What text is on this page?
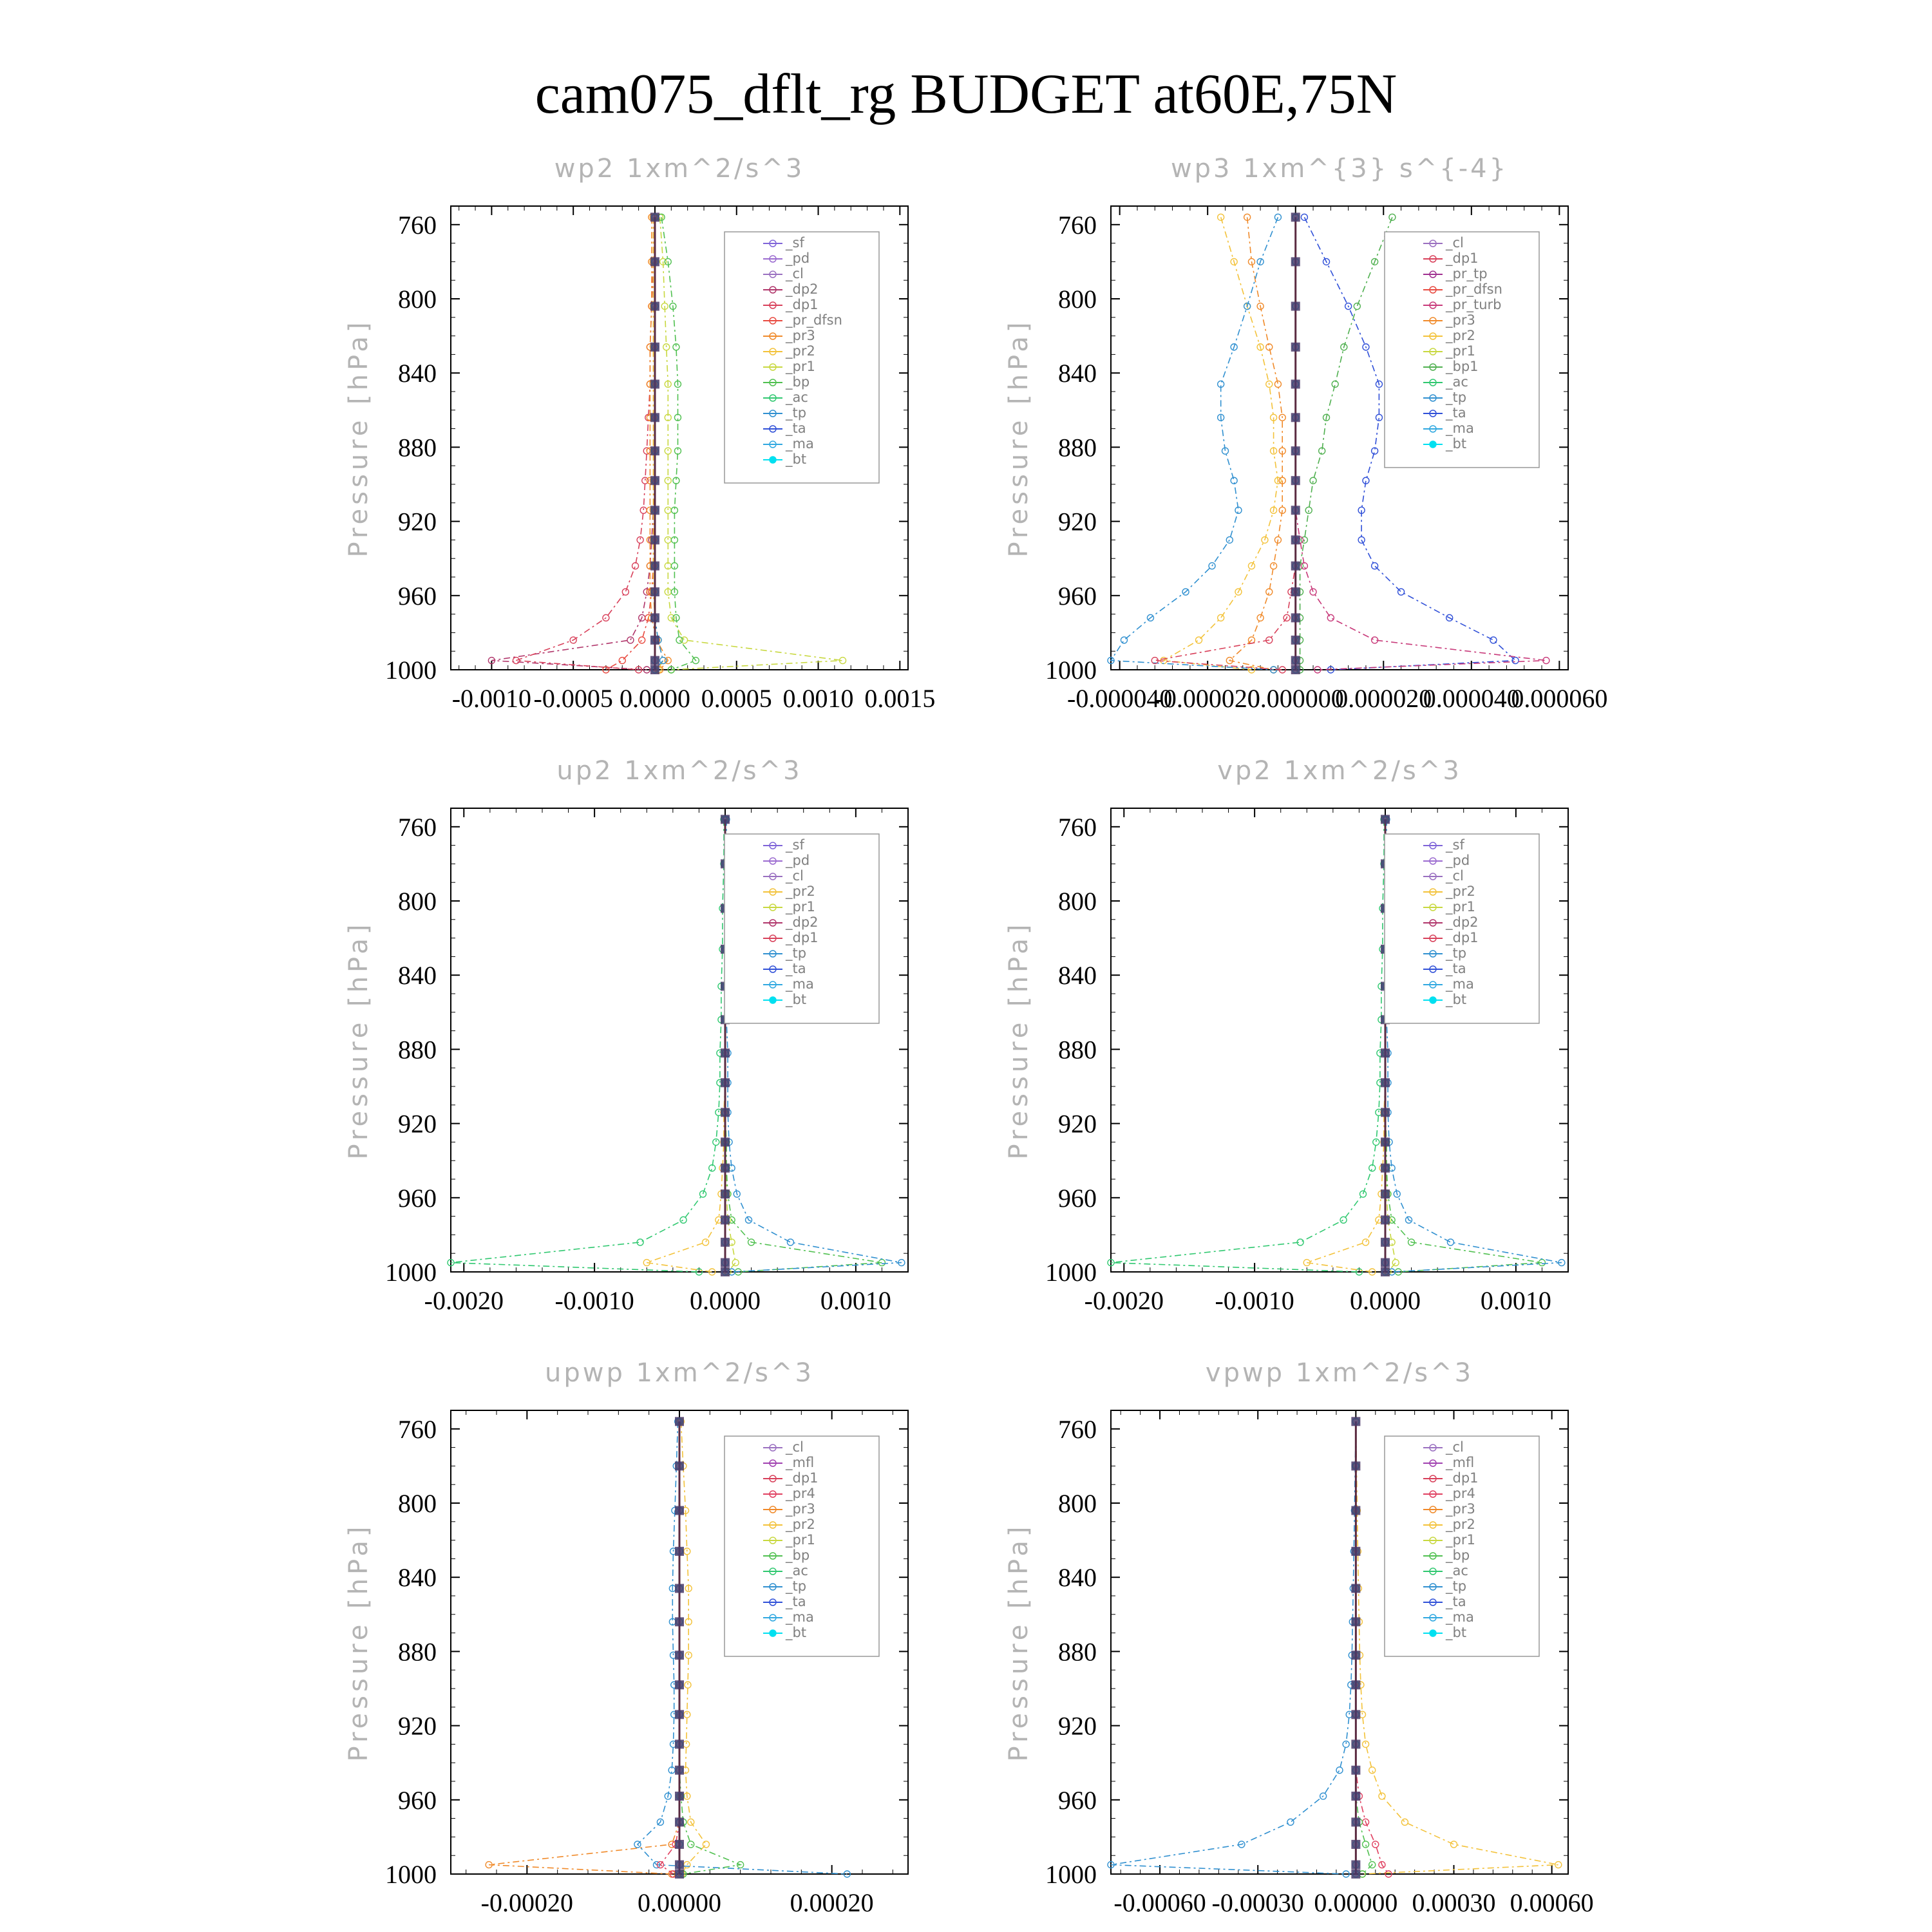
cam075_dflt_rg BUDGET at60E,75N
wp2 1xm^2/s^3
Pressure [hPa]
760
800
840
880
920
960
1000
-0.0010 -0.0005 0.0000 0.0005 0.0010 0.0015
_sf
_pd
_cl
_dp2
_dp1
_pr_dfsn
_pr3
_pr2
_pr1
_bp
_ac
_tp
_ta
_ma
_bt
wp3 1xm^{3} s^{-4}
Pressure [hPa]
760
800
840
880
920
960
1000
-0.000040
-0.000020
0.000000
0.000020
0.000040
0.000060
_cl
_dp1
_pr_tp
_pr_dfsn
_pr_turb
_pr3
_pr2
_pr1
_bp1
_ac
_tp
_ta
_ma
_bt
up2 1xm^2/s^3
Pressure [hPa]
760
800
840
880
920
960
1000
-0.0020 -0.0010 0.0000 0.0010
_sf
_pd
_cl
_pr2
_pr1
_dp2
_dp1
_tp
_ta
_ma
_bt
vp2 1xm^2/s^3
Pressure [hPa]
760
800
840
880
920
960
1000
-0.0020 -0.0010 0.0000 0.0010
_sf
_pd
_cl
_pr2
_pr1
_dp2
_dp1
_tp
_ta
_ma
_bt
upwp 1xm^2/s^3
Pressure [hPa]
760
800
840
880
920
960
1000
-0.00020	0.00000	0.00020
_cl
_mfl
_dp1
_pr4
_pr3
_pr2
_pr1
_bp
_ac
_tp
_ta
_ma
_bt
vpwp 1xm^2/s^3
Pressure [hPa]
760
800
840
880
920
960
1000
-0.00060 -0.00030 0.00000 0.00030 0.00060
_cl
_mfl
_dp1
_pr4
_pr3
_pr2
_pr1
_bp
_ac
_tp
_ta
_ma
_bt
